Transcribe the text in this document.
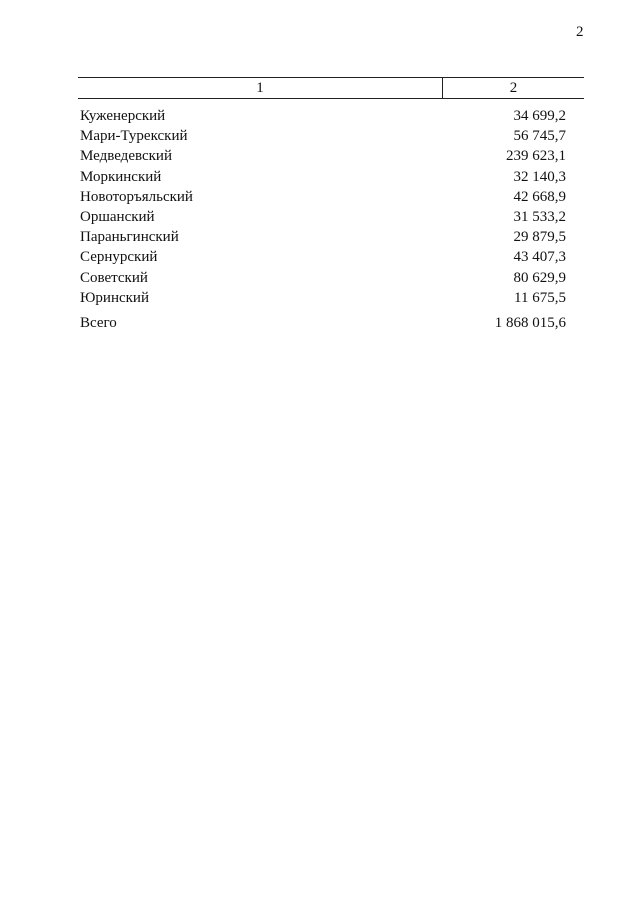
2
1	2
Куженерский	34 699,2
Мари-Турекский	56 745,7
Медведевский	239 623,1
Моркинский	32 140,3
Новоторъяльский	42 668,9
Оршанский	31 533,2
Параньгинский	29 879,5
Сернурский	43 407,3
Советский	80 629,9
Юринский	11 675,5
Всего	1 868 015,6
